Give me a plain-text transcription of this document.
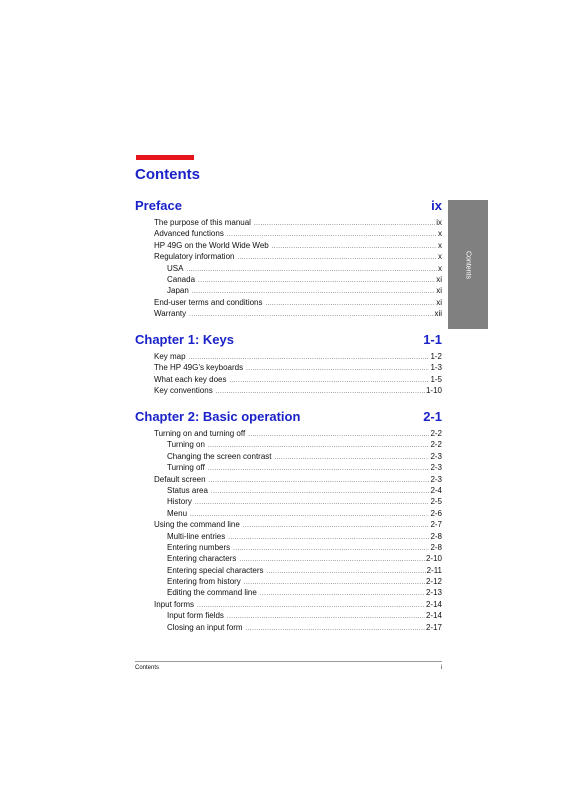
Contents
Contents
Preface	ix
The purpose of this manual .....	ix
Advanced functions .....	x
HP 49G on the World Wide Web .....	x
Regulatory information .....	x
USA .....	x
Canada .....	xi
Japan .....	xi
End-user terms and conditions .....	xi
Warranty .....	xii
Chapter 1: Keys	1-1
Key map .....	1-2
The HP 49G’s keyboards .....	1-3
What each key does .....	1-5
Key conventions .....	1-10
Chapter 2: Basic operation	2-1
Turning on and turning off .....	2-2
Turning on .....	2-2
Changing the screen contrast .....	2-3
Turning off .....	2-3
Default screen .....	2-3
Status area .....	2-4
History .....	2-5
Menu .....	2-6
Using the command line .....	2-7
Multi-line entries .....	2-8
Entering numbers .....	2-8
Entering characters .....	2-10
Entering special characters .....	2-11
Entering from history .....	2-12
Editing the command line .....	2-13
Input forms .....	2-14
Input form fields .....	2-14
Closing an input form .....	2-17
Contents	i
